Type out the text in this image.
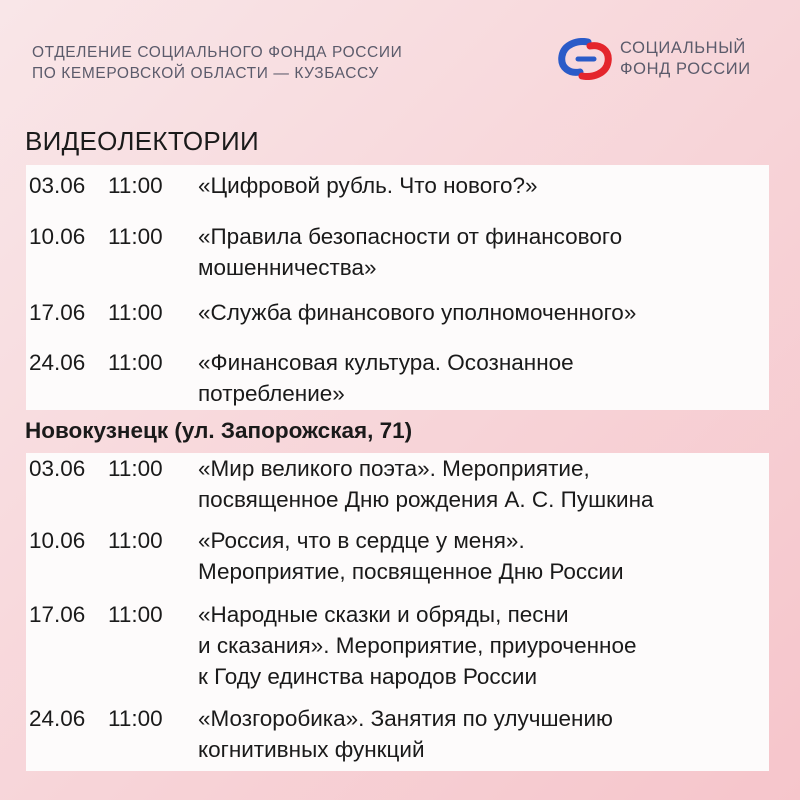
ОТДЕЛЕНИЕ СОЦИАЛЬНОГО ФОНДА РОССИИ
ПО КЕМЕРОВСКОЙ ОБЛАСТИ — КУЗБАССУ
СОЦИАЛЬНЫЙ
ФОНД РОССИИ
ВИДЕОЛЕКТОРИИ
03.06 11:00 «Цифровой рубль. Что нового?»
10.06 11:00 «Правила безопасности от финансового
мошенничества»
17.06 11:00 «Служба финансового уполномоченного»
24.06 11:00 «Финансовая культура. Осознанное
потребление»
Новокузнецк (ул. Запорожская, 71)
03.06 11:00 «Мир великого поэта». Мероприятие,
посвященное Дню рождения А. С. Пушкина
10.06 11:00 «Россия, что в сердце у меня».
Мероприятие, посвященное Дню России
17.06 11:00 «Народные сказки и обряды, песни
и сказания». Мероприятие, приуроченное
к Году единства народов России
24.06 11:00 «Мозгоробика». Занятия по улучшению
когнитивных функций
